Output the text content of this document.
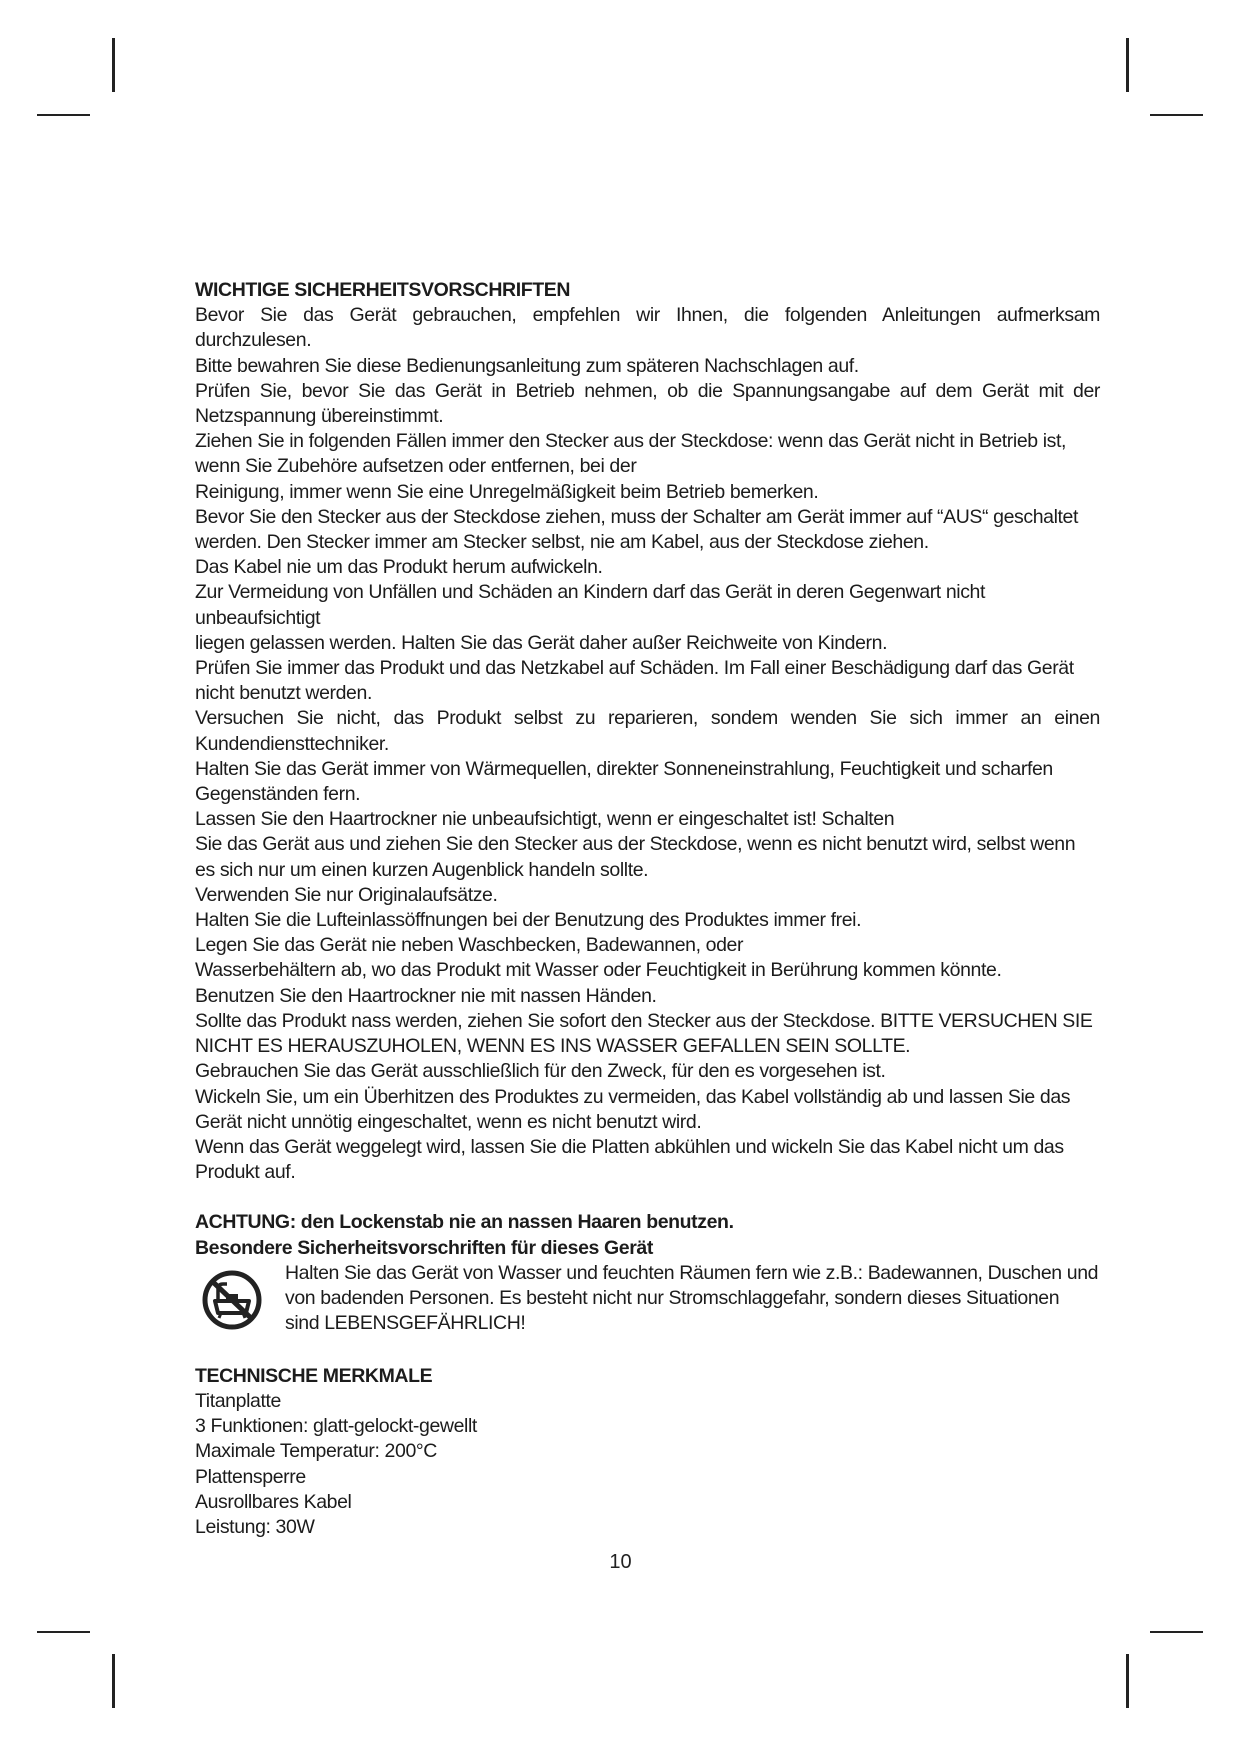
WICHTIGE SICHERHEITSVORSCHRIFTEN

Bevor Sie das Gerät gebrauchen, empfehlen wir Ihnen, die folgenden Anleitungen aufmerksam

durchzulesen.

Bitte bewahren Sie diese Bedienungsanleitung zum späteren Nachschlagen auf.

Prüfen Sie, bevor Sie das Gerät in Betrieb nehmen, ob die Spannungsangabe auf dem Gerät mit der

Netzspannung übereinstimmt.

Ziehen Sie in folgenden Fällen immer den Stecker aus der Steckdose: wenn das Gerät nicht in Betrieb ist,

wenn Sie Zubehöre aufsetzen oder entfernen, bei der

Reinigung, immer wenn Sie eine Unregelmäßigkeit beim Betrieb bemerken.

Bevor Sie den Stecker aus der Steckdose ziehen, muss der Schalter am Gerät immer auf “AUS“ geschaltet

werden. Den Stecker immer am Stecker selbst, nie am Kabel, aus der Steckdose ziehen.

Das Kabel nie um das Produkt herum aufwickeln.

Zur Vermeidung von Unfällen und Schäden an Kindern darf das Gerät in deren Gegenwart nicht unbeaufsichtigt

liegen gelassen werden. Halten Sie das Gerät daher außer Reichweite von Kindern.

Prüfen Sie immer das Produkt und das Netzkabel auf Schäden. Im Fall einer Beschädigung darf das Gerät

nicht benutzt werden.

Versuchen Sie nicht, das Produkt selbst zu reparieren, sondem wenden Sie sich immer an einen

Kundendiensttechniker.

Halten Sie das Gerät immer von Wärmequellen, direkter Sonneneinstrahlung, Feuchtigkeit und scharfen

Gegenständen fern.

Lassen Sie den Haartrockner nie unbeaufsichtigt, wenn er eingeschaltet ist! Schalten

Sie das Gerät aus und ziehen Sie den Stecker aus der Steckdose, wenn es nicht benutzt wird, selbst wenn

es sich nur um einen kurzen Augenblick handeln sollte.

Verwenden Sie nur Originalaufsätze.

Halten Sie die Lufteinlassöffnungen bei der Benutzung des Produktes immer frei.

Legen Sie das Gerät nie neben Waschbecken, Badewannen, oder

Wasserbehältern ab, wo das Produkt mit Wasser oder Feuchtigkeit in Berührung kommen könnte.

Benutzen Sie den Haartrockner nie mit nassen Händen.

Sollte das Produkt nass werden, ziehen Sie sofort den Stecker aus der Steckdose. BITTE VERSUCHEN SIE

NICHT ES HERAUSZUHOLEN, WENN ES INS WASSER GEFALLEN SEIN SOLLTE.

Gebrauchen Sie das Gerät ausschließlich für den Zweck, für den es vorgesehen ist.

Wickeln Sie, um ein Überhitzen des Produktes zu vermeiden, das Kabel vollständig ab und lassen Sie das

Gerät nicht unnötig eingeschaltet, wenn es nicht benutzt wird.

Wenn das Gerät weggelegt wird, lassen Sie die Platten abkühlen und wickeln Sie das Kabel nicht um das

Produkt auf.

ACHTUNG: den Lockenstab nie an nassen Haaren benutzen.
Besondere Sicherheitsvorschriften für dieses Gerät

Halten Sie das Gerät von Wasser und feuchten Räumen fern wie z.B.: Badewannen, Duschen und

von badenden Personen. Es besteht nicht nur Stromschlaggefahr, sondern dieses Situationen

sind LEBENSGEFÄHRLICH!

TECHNISCHE MERKMALE
Titanplatte
3 Funktionen: glatt-gelockt-gewellt
Maximale Temperatur: 200°C
Plattensperre
Ausrollbares Kabel
Leistung: 30W
10
